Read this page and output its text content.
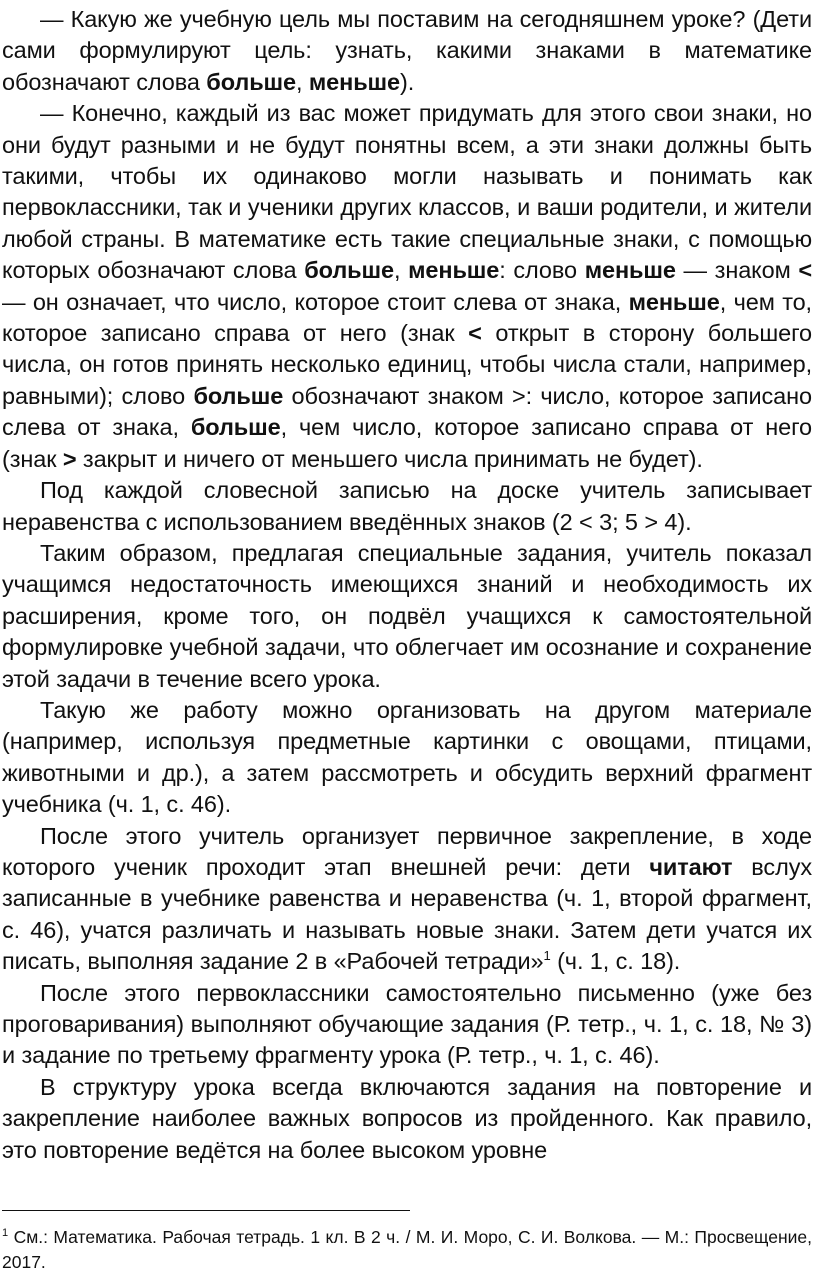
— Какую же учебную цель мы поставим на сегодняшнем уроке? (Дети сами формулируют цель: узнать, какими знаками в математике обозначают слова больше, меньше).

— Конечно, каждый из вас может придумать для этого свои знаки, но они будут разными и не будут понятны всем, а эти знаки должны быть такими, чтобы их одинаково могли называть и понимать как первоклассники, так и ученики других классов, и ваши родители, и жители любой страны. В математике есть такие специальные знаки, с помощью которых обозначают слова больше, меньше: слово меньше — знаком < — он означает, что число, которое стоит слева от знака, меньше, чем то, которое записано справа от него (знак < открыт в сторону большего числа, он готов принять несколько единиц, чтобы числа стали, например, равными); слово больше обозначают знаком >: число, которое записано слева от знака, больше, чем число, которое записано справа от него (знак > закрыт и ничего от меньшего числа принимать не будет).

Под каждой словесной записью на доске учитель записывает неравенства с использованием введённых знаков (2 < 3; 5 > 4).

Таким образом, предлагая специальные задания, учитель показал учащимся недостаточность имеющихся знаний и необходимость их расширения, кроме того, он подвёл учащихся к самостоятельной формулировке учебной задачи, что облегчает им осознание и сохранение этой задачи в течение всего урока.

Такую же работу можно организовать на другом материале (например, используя предметные картинки с овощами, птицами, животными и др.), а затем рассмотреть и обсудить верхний фрагмент учебника (ч. 1, с. 46).

После этого учитель организует первичное закрепление, в ходе которого ученик проходит этап внешней речи: дети читают вслух записанные в учебнике равенства и неравенства (ч. 1, второй фрагмент, с. 46), учатся различать и называть новые знаки. Затем дети учатся их писать, выполняя задание 2 в «Рабочей тетради»$^1$ (ч. 1, с. 18).

После этого первоклассники самостоятельно письменно (уже без проговаривания) выполняют обучающие задания (Р. тетр., ч. 1, с. 18, № 3) и задание по третьему фрагменту урока (Р. тетр., ч. 1, с. 46).

В структуру урока всегда включаются задания на повторение и закрепление наиболее важных вопросов из пройденного. Как правило, это повторение ведётся на более высоком уровне

$^1$ См.: Математика. Рабочая тетрадь. 1 кл. В 2 ч. / М. И. Моро, С. И. Волкова. — М.: Просвещение, 2017.
